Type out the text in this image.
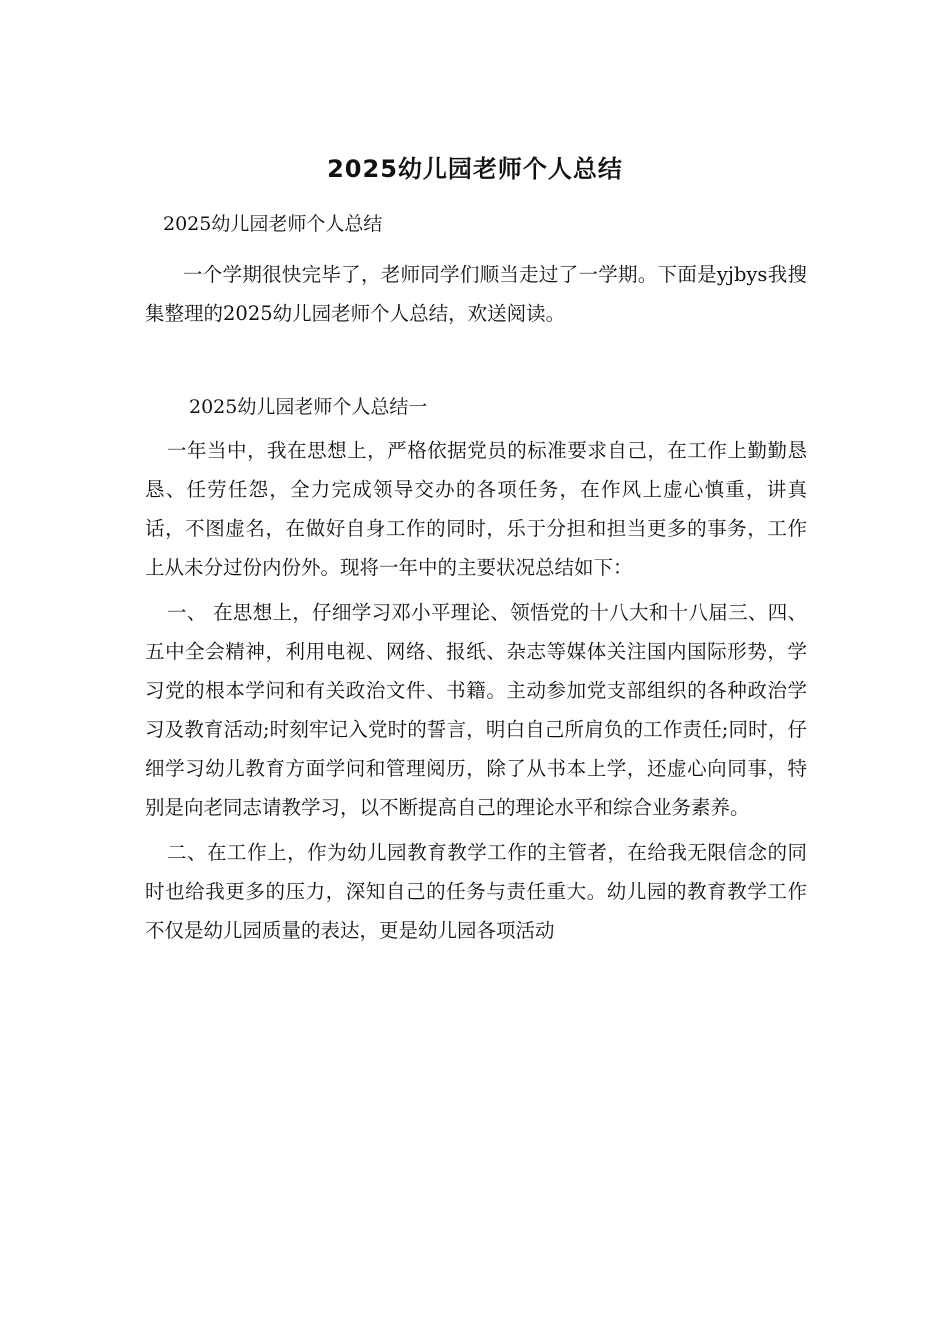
2025幼儿园老师个人总结
2025幼儿园老师个人总结

一个学期很快完毕了，老师同学们顺当走过了一学期。下面是yjbys我搜集整理的2025幼儿园老师个人总结，欢送阅读。

2025幼儿园老师个人总结一

一年当中，我在思想上，严格依据党员的标准要求自己，在工作上勤勤恳恳、任劳任怨，全力完成领导交办的各项任务，在作风上虚心慎重，讲真话，不图虚名，在做好自身工作的同时，乐于分担和担当更多的事务，工作上从未分过份内份外。现将一年中的主要状况总结如下：

一、 在思想上，仔细学习邓小平理论、领悟党的十八大和十八届三、四、五中全会精神，利用电视、网络、报纸、杂志等媒体关注国内国际形势，学习党的根本学问和有关政治文件、书籍。主动参加党支部组织的各种政治学习及教育活动;时刻牢记入党时的誓言，明白自己所肩负的工作责任;同时，仔细学习幼儿教育方面学问和管理阅历，除了从书本上学，还虚心向同事，特别是向老同志请教学习，以不断提高自己的理论水平和综合业务素养。

二、在工作上，作为幼儿园教育教学工作的主管者，在给我无限信念的同时也给我更多的压力，深知自己的任务与责任重大。幼儿园的教育教学工作不仅是幼儿园质量的表达，更是幼儿园各项活动
